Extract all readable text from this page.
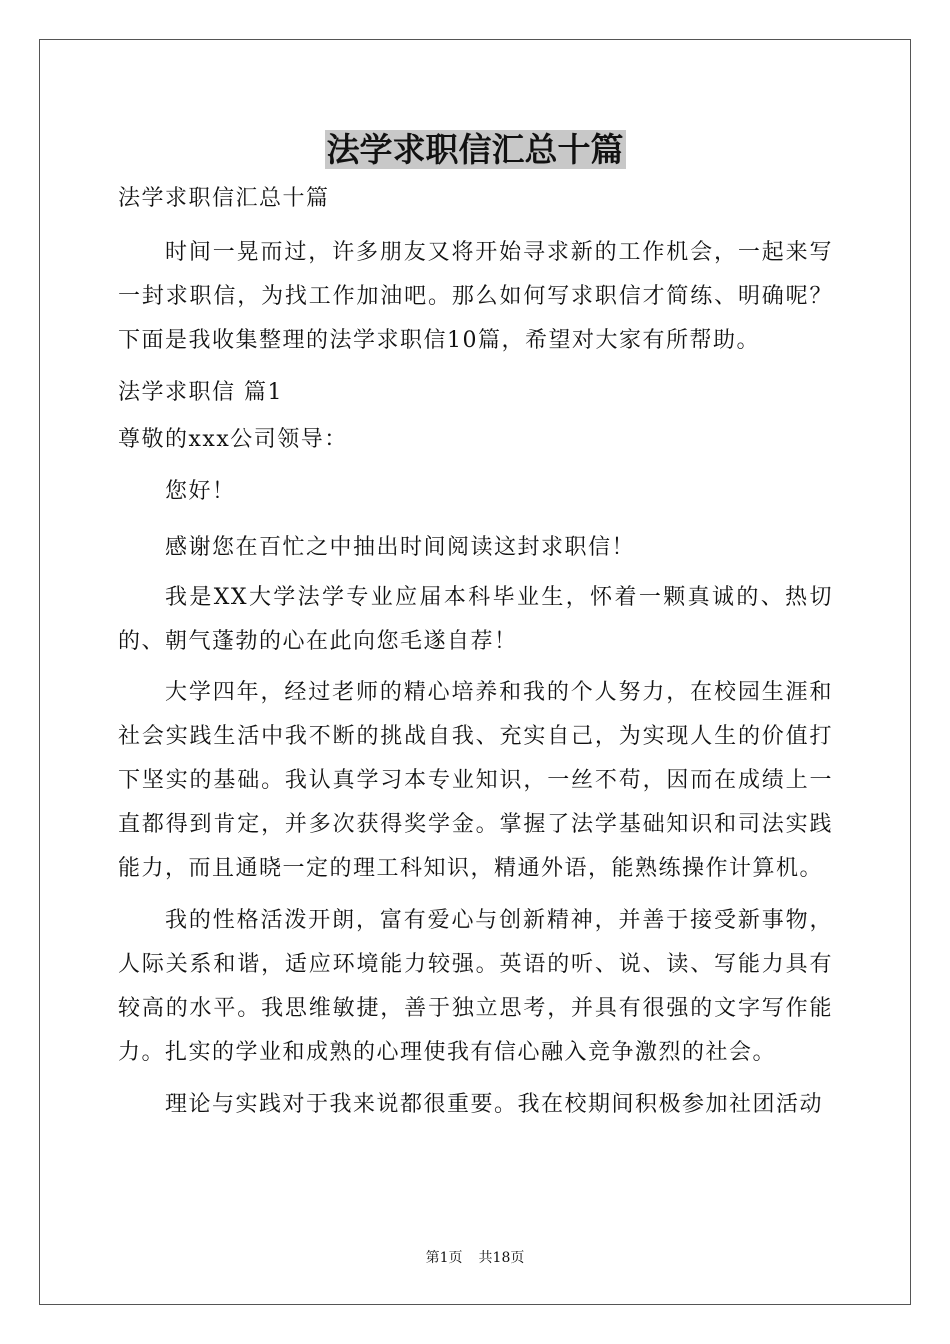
法学求职信汇总十篇

法学求职信汇总十篇

时间一晃而过，许多朋友又将开始寻求新的工作机会，一起来写一封求职信，为找工作加油吧。那么如何写求职信才简练、明确呢？下面是我收集整理的法学求职信10篇，希望对大家有所帮助。

法学求职信 篇1

尊敬的xxx公司领导：

您好！

感谢您在百忙之中抽出时间阅读这封求职信！

我是XX大学法学专业应届本科毕业生，怀着一颗真诚的、热切的、朝气蓬勃的心在此向您毛遂自荐！

大学四年，经过老师的精心培养和我的个人努力，在校园生涯和社会实践生活中我不断的挑战自我、充实自己，为实现人生的价值打下坚实的基础。我认真学习本专业知识，一丝不苟，因而在成绩上一直都得到肯定，并多次获得奖学金。掌握了法学基础知识和司法实践能力，而且通晓一定的理工科知识，精通外语，能熟练操作计算机。

我的性格活泼开朗，富有爱心与创新精神，并善于接受新事物，人际关系和谐，适应环境能力较强。英语的听、说、读、写能力具有较高的水平。我思维敏捷，善于独立思考，并具有很强的文字写作能力。扎实的学业和成熟的心理使我有信心融入竞争激烈的社会。

理论与实践对于我来说都很重要。我在校期间积极参加社团活动

第1页 共18页
